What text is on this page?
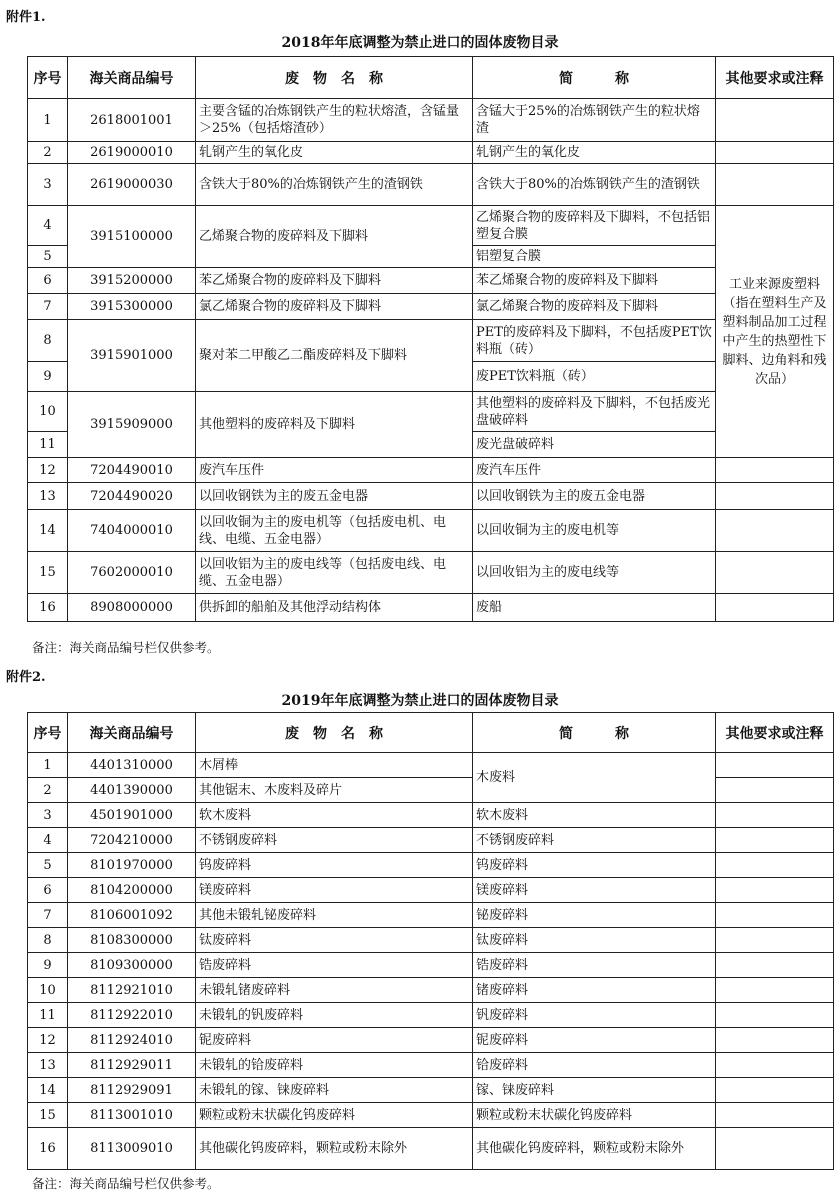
附件1.
2018年年底调整为禁止进口的固体废物目录
序号	海关商品编号	废　物　名　称	简　　　称	其他要求或注释
1	2618001001	主要含锰的冶炼钢铁产生的粒状熔渣，含锰量＞25%（包括熔渣砂）	含锰大于25%的冶炼钢铁产生的粒状熔渣	
2	2619000010	轧钢产生的氧化皮	轧钢产生的氧化皮	
3	2619000030	含铁大于80%的冶炼钢铁产生的渣钢铁	含铁大于80%的冶炼钢铁产生的渣钢铁	
4	3915100000	乙烯聚合物的废碎料及下脚料	乙烯聚合物的废碎料及下脚料，不包括铝塑复合膜	工业来源废塑料（指在塑料生产及塑料制品加工过程中产生的热塑性下脚料、边角料和残次品）
5			铝塑复合膜	
6	3915200000	苯乙烯聚合物的废碎料及下脚料	苯乙烯聚合物的废碎料及下脚料	
7	3915300000	氯乙烯聚合物的废碎料及下脚料	氯乙烯聚合物的废碎料及下脚料	
8	3915901000	聚对苯二甲酸乙二酯废碎料及下脚料	PET的废碎料及下脚料，不包括废PET饮料瓶（砖）	
9			废PET饮料瓶（砖）	
10	3915909000	其他塑料的废碎料及下脚料	其他塑料的废碎料及下脚料，不包括废光盘破碎料	
11			废光盘破碎料	
12	7204490010	废汽车压件	废汽车压件	
13	7204490020	以回收钢铁为主的废五金电器	以回收钢铁为主的废五金电器	
14	7404000010	以回收铜为主的废电机等（包括废电机、电线、电缆、五金电器）	以回收铜为主的废电机等	
15	7602000010	以回收铝为主的废电线等（包括废电线、电缆、五金电器）	以回收铝为主的废电线等	
16	8908000000	供拆卸的船舶及其他浮动结构体	废船	
备注：海关商品编号栏仅供参考。
附件2.
2019年年底调整为禁止进口的固体废物目录
序号	海关商品编号	废　物　名　称	简　　　称	其他要求或注释
1	4401310000	木屑棒	木废料	
2	4401390000	其他锯末、木废料及碎片		
3	4501901000	软木废料	软木废料	
4	7204210000	不锈钢废碎料	不锈钢废碎料	
5	8101970000	钨废碎料	钨废碎料	
6	8104200000	镁废碎料	镁废碎料	
7	8106001092	其他未锻轧铋废碎料	铋废碎料	
8	8108300000	钛废碎料	钛废碎料	
9	8109300000	锆废碎料	锆废碎料	
10	8112921010	未锻轧锗废碎料	锗废碎料	
11	8112922010	未锻轧的钒废碎料	钒废碎料	
12	8112924010	铌废碎料	铌废碎料	
13	8112929011	未锻轧的铪废碎料	铪废碎料	
14	8112929091	未锻轧的镓、铼废碎料	镓、铼废碎料	
15	8113001010	颗粒或粉末状碳化钨废碎料	颗粒或粉末状碳化钨废碎料	
16	8113009010	其他碳化钨废碎料，颗粒或粉末除外	其他碳化钨废碎料，颗粒或粉末除外	
备注：海关商品编号栏仅供参考。
